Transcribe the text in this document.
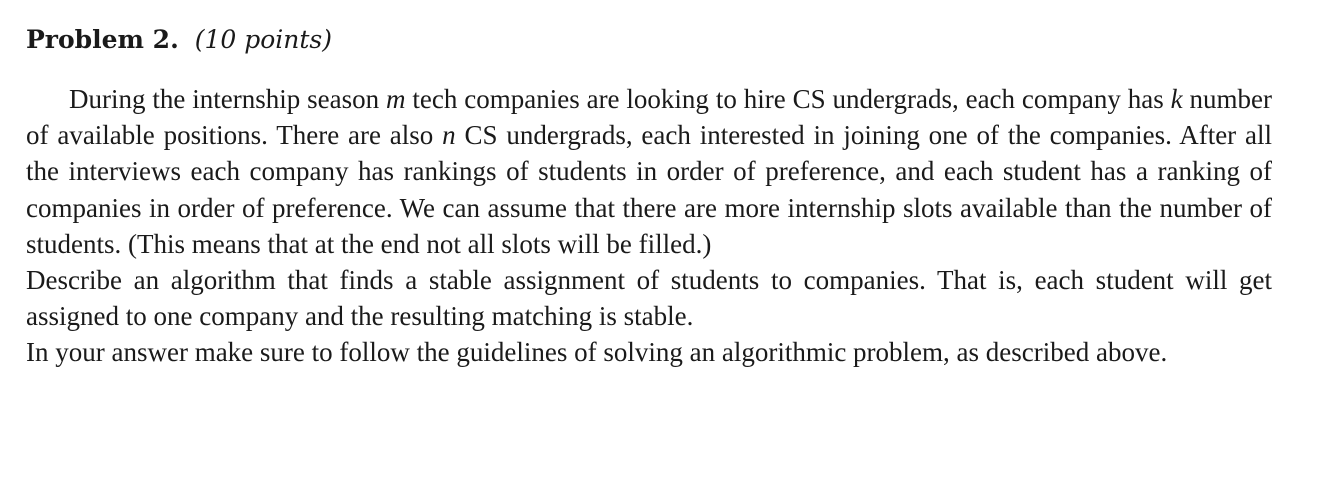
Problem 2. (10 points)

During the internship season m tech companies are looking to hire CS undergrads, each company has k number of available positions. There are also n CS undergrads, each interested in joining one of the companies. After all the interviews each company has rankings of students in order of preference, and each student has a ranking of companies in order of preference. We can assume that there are more internship slots available than the number of students. (This means that at the end not all slots will be filled.)

Describe an algorithm that finds a stable assignment of students to companies. That is, each student will get assigned to one company and the resulting matching is stable.

In your answer make sure to follow the guidelines of solving an algorithmic problem, as described above.
